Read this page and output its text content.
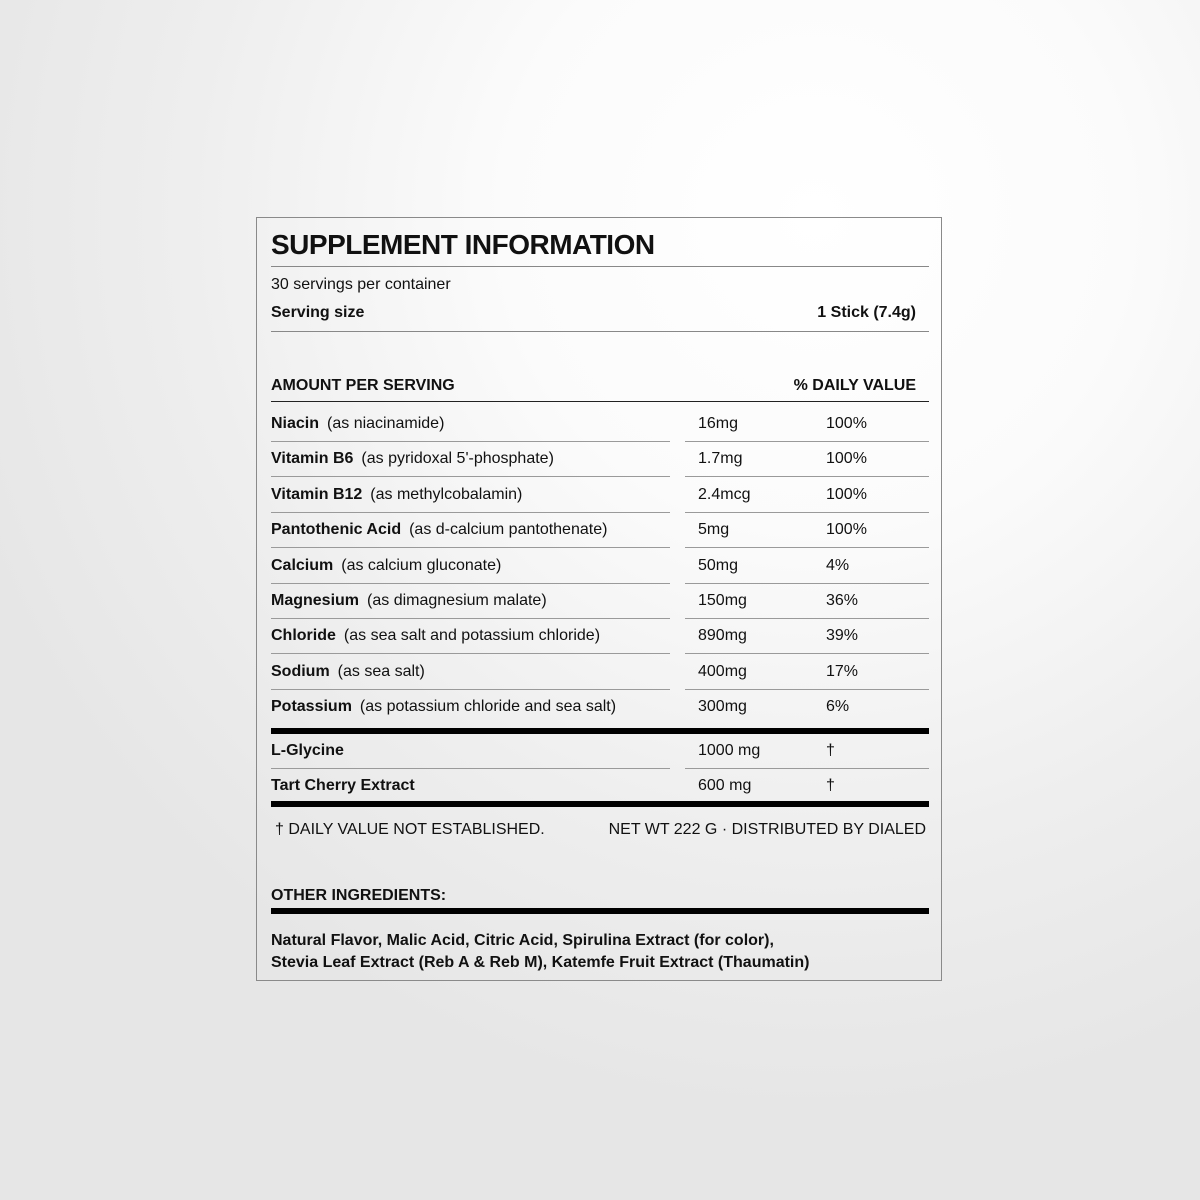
SUPPLEMENT INFORMATION
30 servings per container
Serving size	1 Stick (7.4g)
AMOUNT PER SERVING	% DAILY VALUE
Niacin (as niacinamide)	16mg	100%
Vitamin B6 (as pyridoxal 5'-phosphate)	1.7mg	100%
Vitamin B12 (as methylcobalamin)	2.4mcg	100%
Pantothenic Acid (as d-calcium pantothenate)	5mg	100%
Calcium (as calcium gluconate)	50mg	4%
Magnesium (as dimagnesium malate)	150mg	36%
Chloride (as sea salt and potassium chloride)	890mg	39%
Sodium (as sea salt)	400mg	17%
Potassium (as potassium chloride and sea salt)	300mg	6%
L-Glycine	1000 mg	†
Tart Cherry Extract	600 mg	†
† DAILY VALUE NOT ESTABLISHED.	NET WT 222 G · DISTRIBUTED BY DIALED
OTHER INGREDIENTS:
Natural Flavor, Malic Acid, Citric Acid, Spirulina Extract (for color),
Stevia Leaf Extract (Reb A & Reb M), Katemfe Fruit Extract (Thaumatin)
